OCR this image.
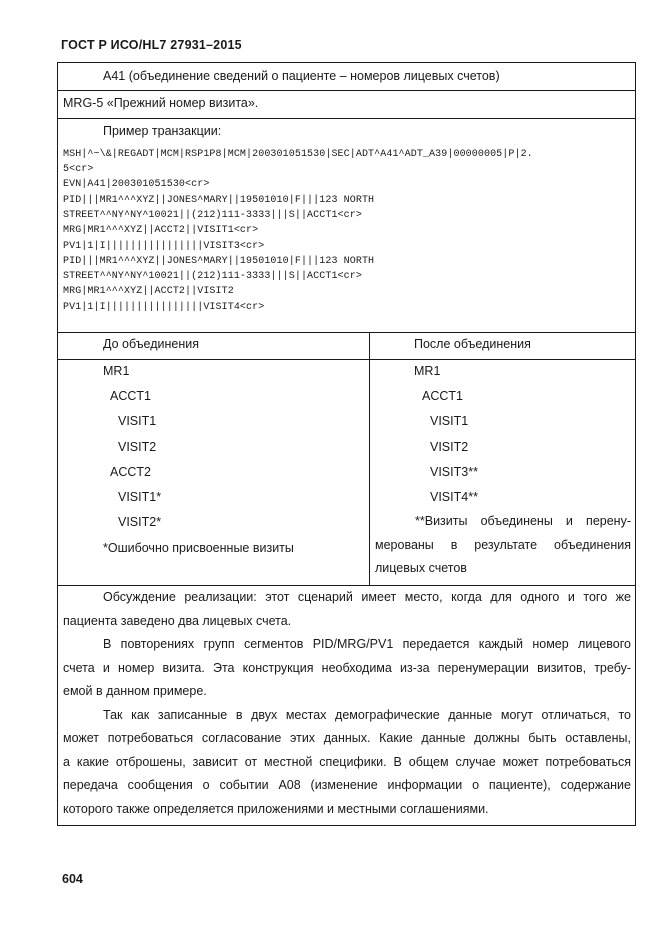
ГОСТ Р ИСО/HL7 27931–2015
А41 (объединение сведений о пациенте – номеров лицевых счетов)
MRG-5 «Прежний номер визита».
Пример транзакции:
MSH|^~\&|REGADT|MCM|RSP1P8|MCM|200301051530|SEC|ADT^A41^ADT_A39|00000005|P|2.
5<cr>
EVN|A41|200301051530<cr>
PID|||MR1^^^XYZ||JONES^MARY||19501010|F|||123 NORTH
STREET^^NY^NY^10021||(212)111-3333|||S||ACCT1<cr>
MRG|MR1^^^XYZ||ACCT2||VISIT1<cr>
PV1|1|I||||||||||||||||VISIT3<cr>
PID|||MR1^^^XYZ||JONES^MARY||19501010|F|||123 NORTH
STREET^^NY^NY^10021||(212)111-3333|||S||ACCT1<cr>
MRG|MR1^^^XYZ||ACCT2||VISIT2
PV1|1|I||||||||||||||||VISIT4<cr>
До объединения	После объединения
MR1
ACCT1
VISIT1
VISIT2
ACCT2
VISIT1*
VISIT2*
*Ошибочно присвоенные визиты
MR1
ACCT1
VISIT1
VISIT2
VISIT3**
VISIT4**
**Визиты объединены и перену-
мерованы в результате объединения
лицевых счетов
Обсуждение реализации: этот сценарий имеет место, когда для одного и того же
пациента заведено два лицевых счета.
В повторениях групп сегментов PID/MRG/PV1 передается каждый номер лицевого
счета и номер визита. Эта конструкция необходима из-за перенумерации визитов, требу-
емой в данном примере.
Так как записанные в двух местах демографические данные могут отличаться, то
может потребоваться согласование этих данных. Какие данные должны быть оставлены,
а какие отброшены, зависит от местной специфики. В общем случае может потребоваться
передача сообщения о событии А08 (изменение информации о пациенте), содержание
которого также определяется приложениями и местными соглашениями.
604
